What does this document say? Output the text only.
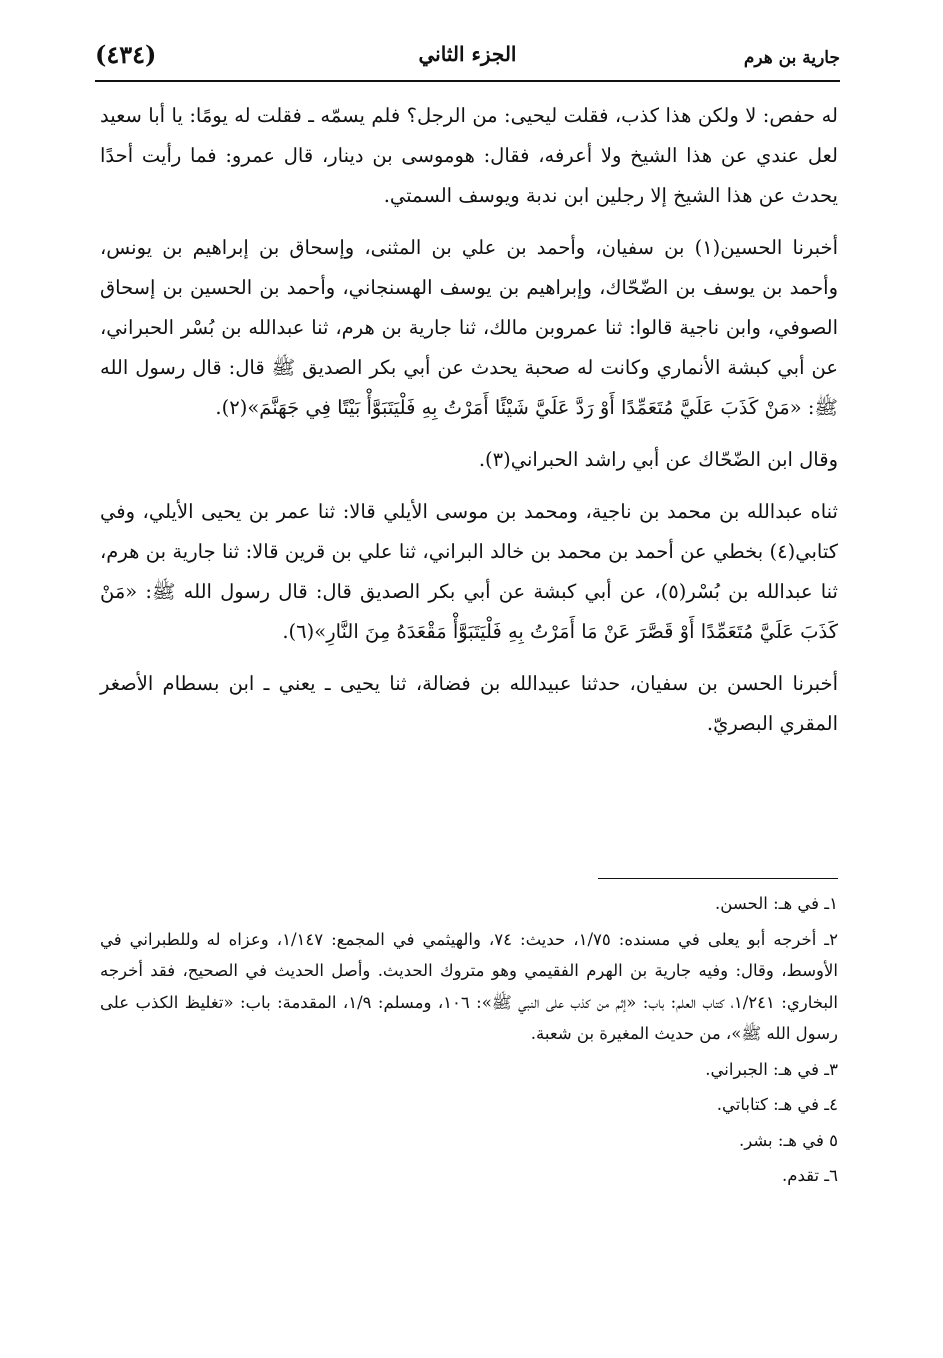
جارية بن هرم
الجزء الثاني
(٤٣٤)

له حفص: لا ولكن هذا كذب، فقلت ليحيى: من الرجل؟ فلم يسمّه ـ فقلت له يومًا: يا أبا سعيد لعل عندي عن هذا الشيخ ولا أعرفه، فقال: هوموسى بن دينار، قال عمرو: فما رأيت أحدًا يحدث عن هذا الشيخ إلا رجلين ابن ندبة ويوسف السمتي.

أخبرنا الحسين(١) بن سفيان، وأحمد بن علي بن المثنى، وإسحاق بن إبراهيم بن يونس، وأحمد بن يوسف بن الضّحّاك، وإبراهيم بن يوسف الهسنجاني، وأحمد بن الحسين بن إسحاق الصوفي، وابن ناجية قالوا: ثنا عمروبن مالك، ثنا جارية بن هرم، ثنا عبدالله بن بُسْر الحبراني، عن أبي كبشة الأنماري وكانت له صحبة يحدث عن أبي بكر الصديق ﷺ قال: قال رسول الله ﷺ: «مَنْ كَذَبَ عَلَيَّ مُتَعَمِّدًا أَوْ رَدَّ عَلَيَّ شَيْئًا أَمَرْتُ بِهِ فَلْيَتَبَوَّأْ بَيْتًا فِي جَهَنَّمَ»(٢).

وقال ابن الضّحّاك عن أبي راشد الحبراني(٣).

ثناه عبدالله بن محمد بن ناجية، ومحمد بن موسى الأيلي قالا: ثنا عمر بن يحيى الأيلي، وفي كتابي(٤) بخطي عن أحمد بن محمد بن خالد البراني، ثنا علي بن قرين قالا: ثنا جارية بن هرم، ثنا عبدالله بن بُسْر(٥)، عن أبي كبشة عن أبي بكر الصديق قال: قال رسول الله ﷺ: «مَنْ كَذَبَ عَلَيَّ مُتَعَمِّدًا أَوْ قَصَّرَ عَنْ مَا أَمَرْتُ بِهِ فَلْيَتَبَوَّأْ مَقْعَدَهُ مِنَ النَّارِ»(٦).

أخبرنا الحسن بن سفيان، حدثنا عبيدالله بن فضالة، ثنا يحيى ـ يعني ـ ابن بسطام الأصغر المقري البصريّ.

١ـ في هـ: الحسن.

٢ـ أخرجه أبو يعلى في مسنده: ١/٧٥، حديث: ٧٤، والهيثمي في المجمع: ١/١٤٧، وعزاه له وللطبراني في الأوسط، وقال: وفيه جارية بن الهرم الفقيمي وهو متروك الحديث. وأصل الحديث في الصحيح، فقد أخرجه البخاري: ١/٢٤١، كتاب العلم: باب: «إثم من كذب على النبي ﷺ»: ١٠٦، ومسلم: ١/٩، المقدمة: باب: «تغليظ الكذب على رسول الله ﷺ»، من حديث المغيرة بن شعبة.

٣ـ في هـ: الجبراني.

٤ـ في هـ: كتاباتي.

٥ في هـ: بشر.

٦ـ تقدم.
